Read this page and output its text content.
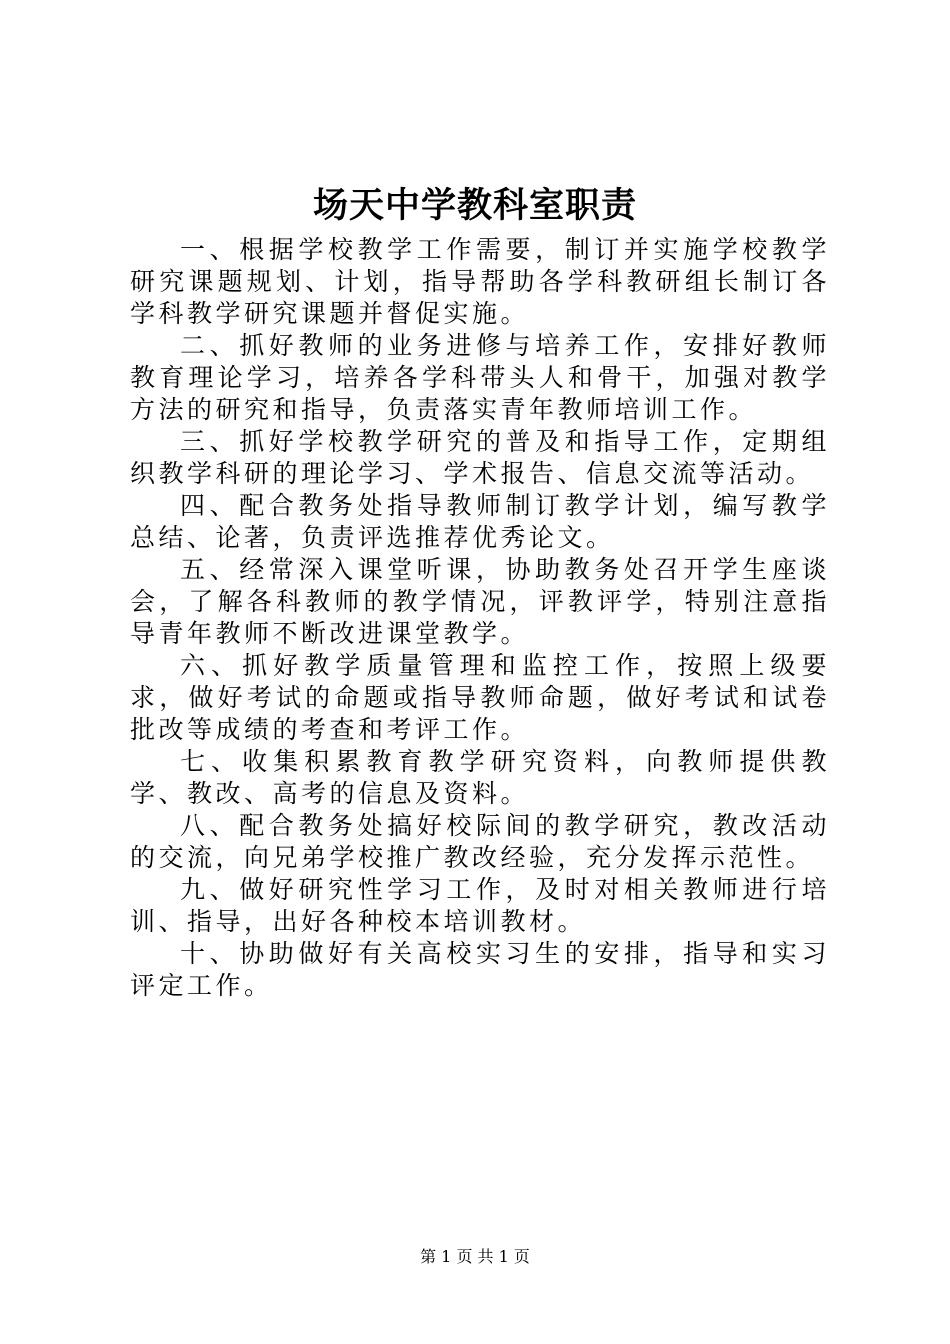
场天中学教科室职责

一、根据学校教学工作需要，制订并实施学校教学研究课题规划、计划，指导帮助各学科教研组长制订各学科教学研究课题并督促实施。

二、抓好教师的业务进修与培养工作，安排好教师教育理论学习，培养各学科带头人和骨干，加强对教学方法的研究和指导，负责落实青年教师培训工作。

三、抓好学校教学研究的普及和指导工作，定期组织教学科研的理论学习、学术报告、信息交流等活动。

四、配合教务处指导教师制订教学计划，编写教学总结、论著，负责评选推荐优秀论文。

五、经常深入课堂听课，协助教务处召开学生座谈会，了解各科教师的教学情况，评教评学，特别注意指导青年教师不断改进课堂教学。

六、抓好教学质量管理和监控工作，按照上级要求，做好考试的命题或指导教师命题，做好考试和试卷批改等成绩的考查和考评工作。

七、收集积累教育教学研究资料，向教师提供教学、教改、高考的信息及资料。

八、配合教务处搞好校际间的教学研究，教改活动的交流，向兄弟学校推广教改经验，充分发挥示范性。

九、做好研究性学习工作，及时对相关教师进行培训、指导，出好各种校本培训教材。

十、协助做好有关高校实习生的安排，指导和实习评定工作。

第 1 页 共 1 页
